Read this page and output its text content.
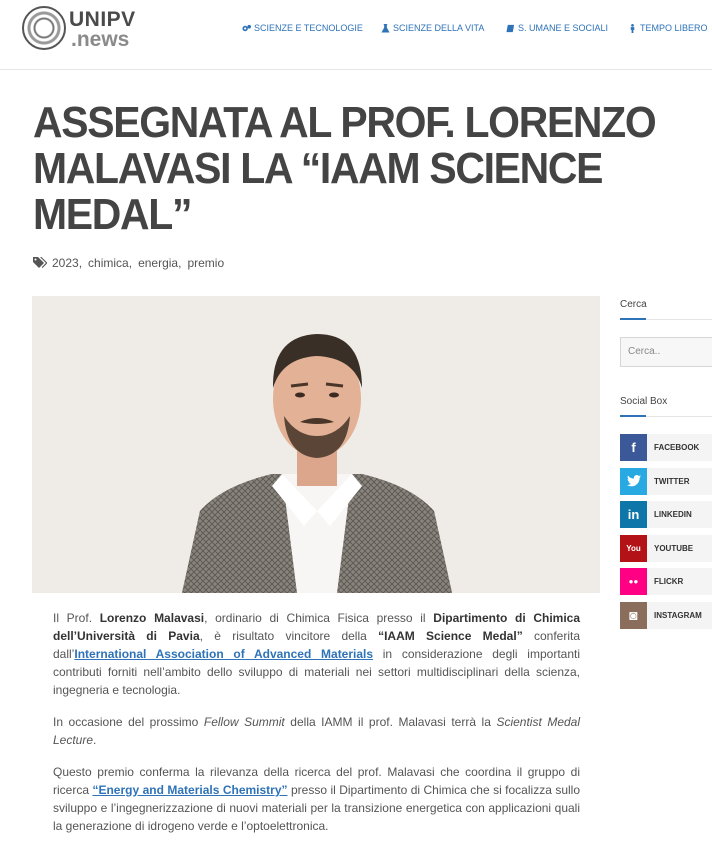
UNIPV
.news	SCIENZE E TECNOLOGIE	SCIENZE DELLA VITA	S. UMANE E SOCIALI	TEMPO LIBERO
ASSEGNATA AL PROF. LORENZO MALAVASI LA “IAAM SCIENCE MEDAL”
2023, chimica, energia, premio

Il Prof. Lorenzo Malavasi, ordinario di Chimica Fisica presso il Dipartimento di Chimica dell’Università di Pavia, è risultato vincitore della “IAAM Science Medal” conferita dall’International Association of Advanced Materials in considerazione degli importanti contributi forniti nell’ambito dello sviluppo di materiali nei settori multidisciplinari della scienza, ingegneria e tecnologia.

In occasione del prossimo Fellow Summit della IAMM il prof. Malavasi terrà la Scientist Medal Lecture.

Questo premio conferma la rilevanza della ricerca del prof. Malavasi che coordina il gruppo di ricerca “Energy and Materials Chemistry” presso il Dipartimento di Chimica che si focalizza sullo sviluppo e l’ingegnerizzazione di nuovi materiali per la transizione energetica con applicazioni quali la generazione di idrogeno verde e l’optoelettronica.

Cerca
Cerca..
Social Box
f	FACEBOOK
TWITTER
in	LINKEDIN
You	YOUTUBE
●●	FLICKR
◙	INSTAGRAM
